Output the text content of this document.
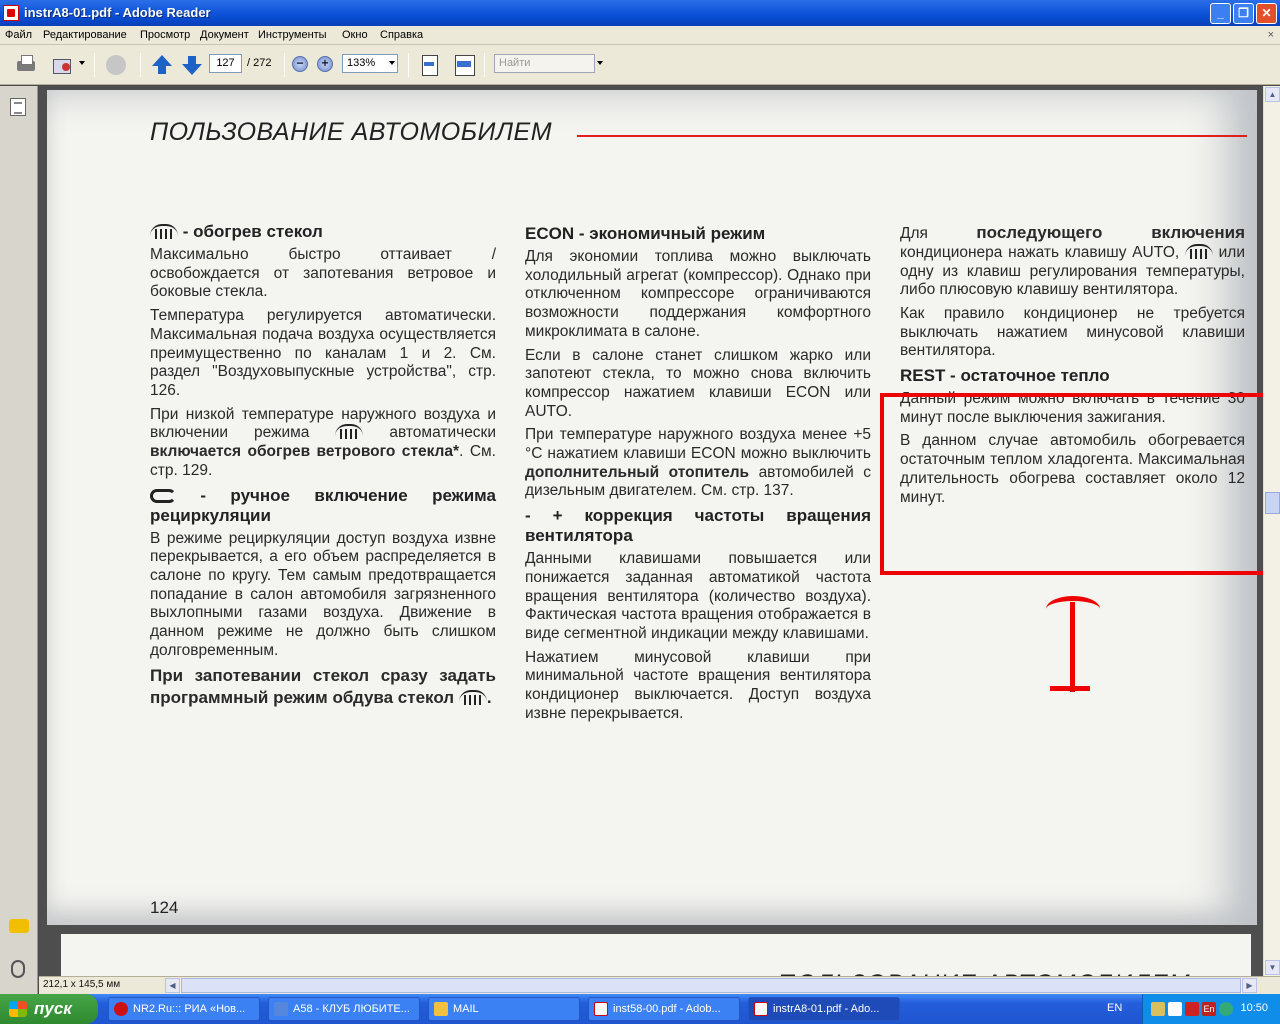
instrA8-01.pdf - Adobe Reader	_	❐	✕
Файл Редактирование Просмотр Документ Инструменты Окно Справка	×
127	/ 272	−	+	133%	Найти
ПОЛЬЗОВАНИЕ АВТОМОБИЛЕМ
- обогрев стекол

Максимально быстро оттаивает / освобождается от запотевания ветровое и боковые стекла.

Температура регулируется автоматически. Максимальная подача воздуха осуществляется преимущественно по каналам 1 и 2. См. раздел "Воздуховыпускные устройства", стр. 126.

При низкой температуре наружного воздуха и включении режима	автоматически включается обогрев ветрового стекла*. См. стр. 129.

- ручное включение режима рециркуляции

В режиме рециркуляции доступ воздуха извне перекрывается, а его объем распределяется в салоне по кругу. Тем самым предотвращается попадание в салон автомобиля загрязненного выхлопными газами воздуха. Движение в данном режиме не должно быть слишком долговременным.

При запотевании стекол сразу задать программный режим обдува стекол .

ECON - экономичный режим

Для экономии топлива можно выключать холодильный агрегат (компрессор). Однако при отключенном компрессоре ограничиваются возможности поддержания комфортного микроклимата в салоне.

Если в салоне станет слишком жарко или запотеют стекла, то можно снова включить компрессор нажатием клавиши ECON или AUTO.

При температуре наружного воздуха менее +5 °C нажатием клавиши ECON можно выключить дополнительный отопитель автомобилей с дизельным двигателем. См. стр. 137.

- + коррекция частоты вращения вентилятора

Данными клавишами повышается или понижается заданная автоматикой частота вращения вентилятора (количество воздуха). Фактическая частота вращения отображается в виде сегментной индикации между клавишами.

Нажатием минусовой клавиши при минимальной частоте вращения вентилятора кондиционер выключается. Доступ воздуха извне перекрывается.

Для	последующего включения кондиционера нажать клавишу AUTO,	или одну из клавиш регулирования температуры, либо плюсовую клавишу вентилятора.

Как правило кондиционер не требуется выключать нажатием минусовой клавиши вентилятора.

REST - остаточное тепло

Данный режим можно включать в течение 30 минут после выключения зажигания.

В данном случае автомобиль обогревается остаточным теплом хладогента. Максимальная длительность обогрева составляет около 12 минут.

124
▲
▼
212,1 x 145,5 мм	◀	▶
пуск	NR2.Ru::: РИА «Нов...	A58 - КЛУБ ЛЮБИТЕ...	MAIL	inst58-00.pdf - Adob...	instrA8-01.pdf - Ado...	EN	En 10:50
